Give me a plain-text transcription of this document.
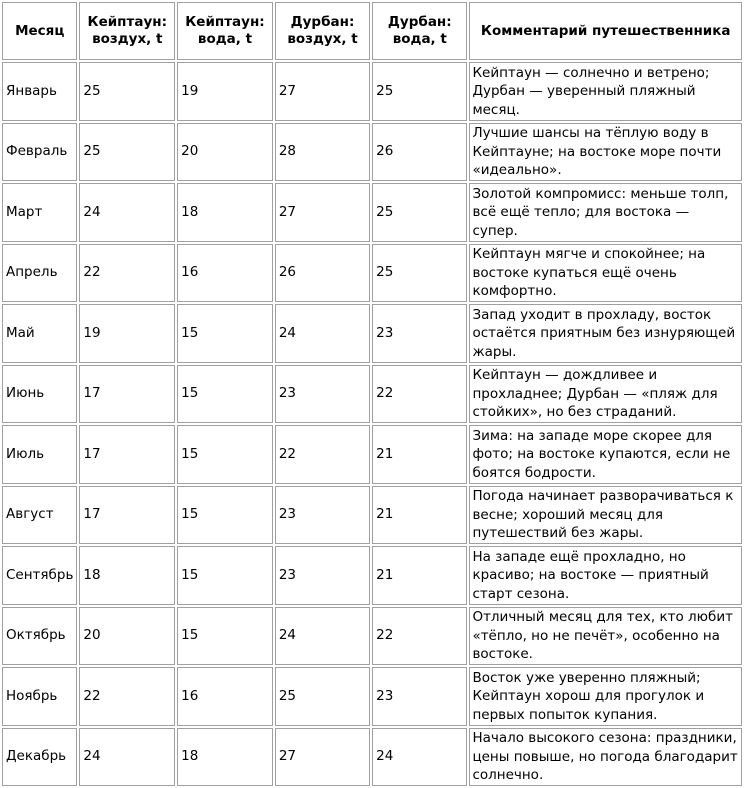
Месяц	Кейптаун: воздух, t	Кейптаун: вода, t	Дурбан: воздух, t	Дурбан: вода, t	Комментарий путешественника
Январь	25	19	27	25	Кейптаун — солнечно и ветрено; Дурбан — уверенный пляжный месяц.
Февраль	25	20	28	26	Лучшие шансы на тёплую воду в Кейптауне; на востоке море почти «идеально».
Март	24	18	27	25	Золотой компромисс: меньше толп, всё ещё тепло; для востока — супер.
Апрель	22	16	26	25	Кейптаун мягче и спокойнее; на востоке купаться ещё очень комфортно.
Май	19	15	24	23	Запад уходит в прохладу, восток остаётся приятным без изнуряющей жары.
Июнь	17	15	23	22	Кейптаун — дождливее и прохладнее; Дурбан — «пляж для стойких», но без страданий.
Июль	17	15	22	21	Зима: на западе море скорее для фото; на востоке купаются, если не боятся бодрости.
Август	17	15	23	21	Погода начинает разворачиваться к весне; хороший месяц для путешествий без жары.
Сентябрь	18	15	23	21	На западе ещё прохладно, но красиво; на востоке — приятный старт сезона.
Октябрь	20	15	24	22	Отличный месяц для тех, кто любит «тёпло, но не печёт», особенно на востоке.
Ноябрь	22	16	25	23	Восток уже уверенно пляжный; Кейптаун хорош для прогулок и первых попыток купания.
Декабрь	24	18	27	24	Начало высокого сезона: праздники, цены повыше, но погода благодарит солнечно.
